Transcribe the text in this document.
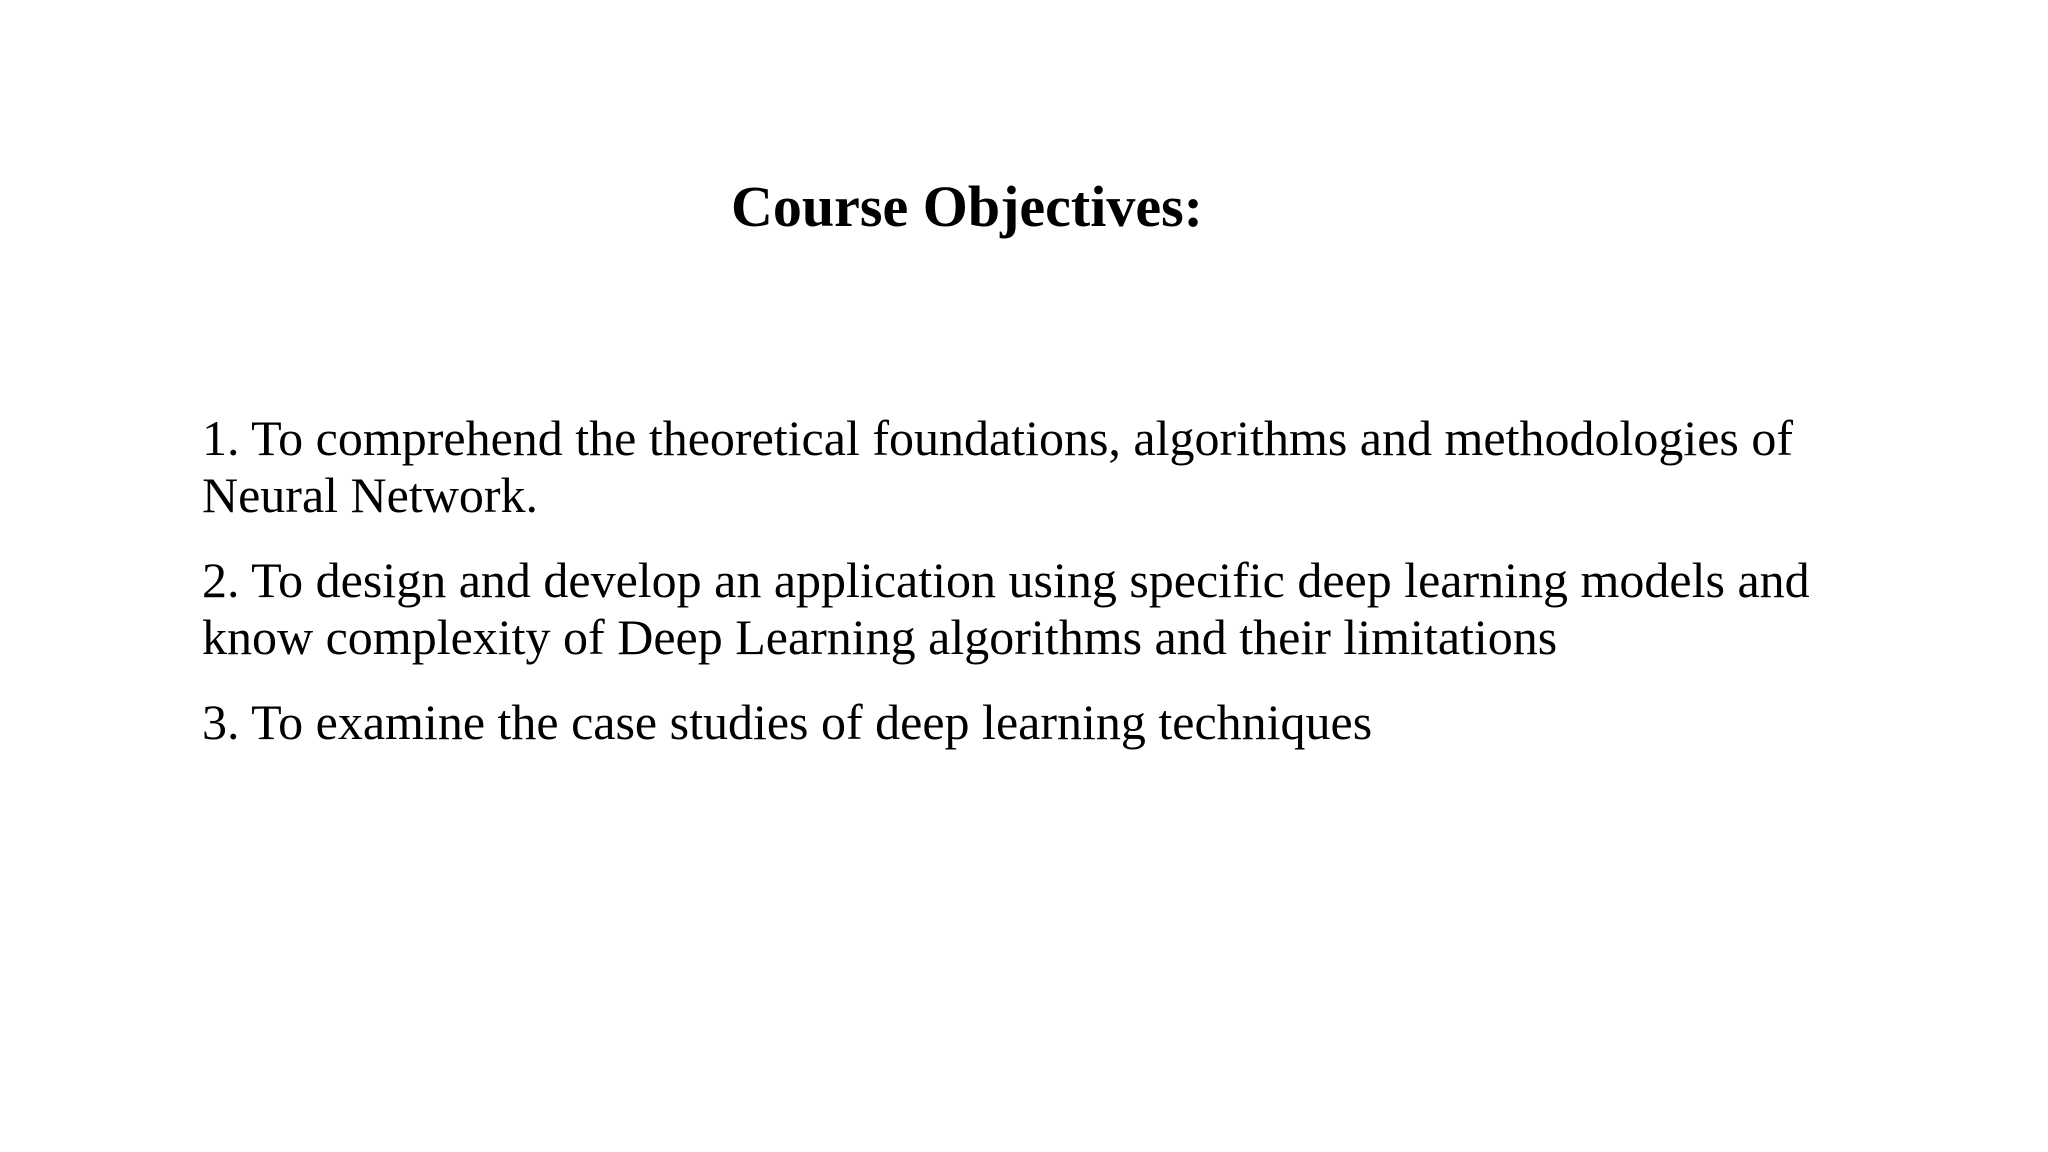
Course Objectives:
1. To comprehend the theoretical foundations, algorithms and methodologies of Neural Network.
2. To design and develop an application using specific deep learning models and know complexity of Deep Learning algorithms and their limitations
3. To examine the case studies of deep learning techniques
